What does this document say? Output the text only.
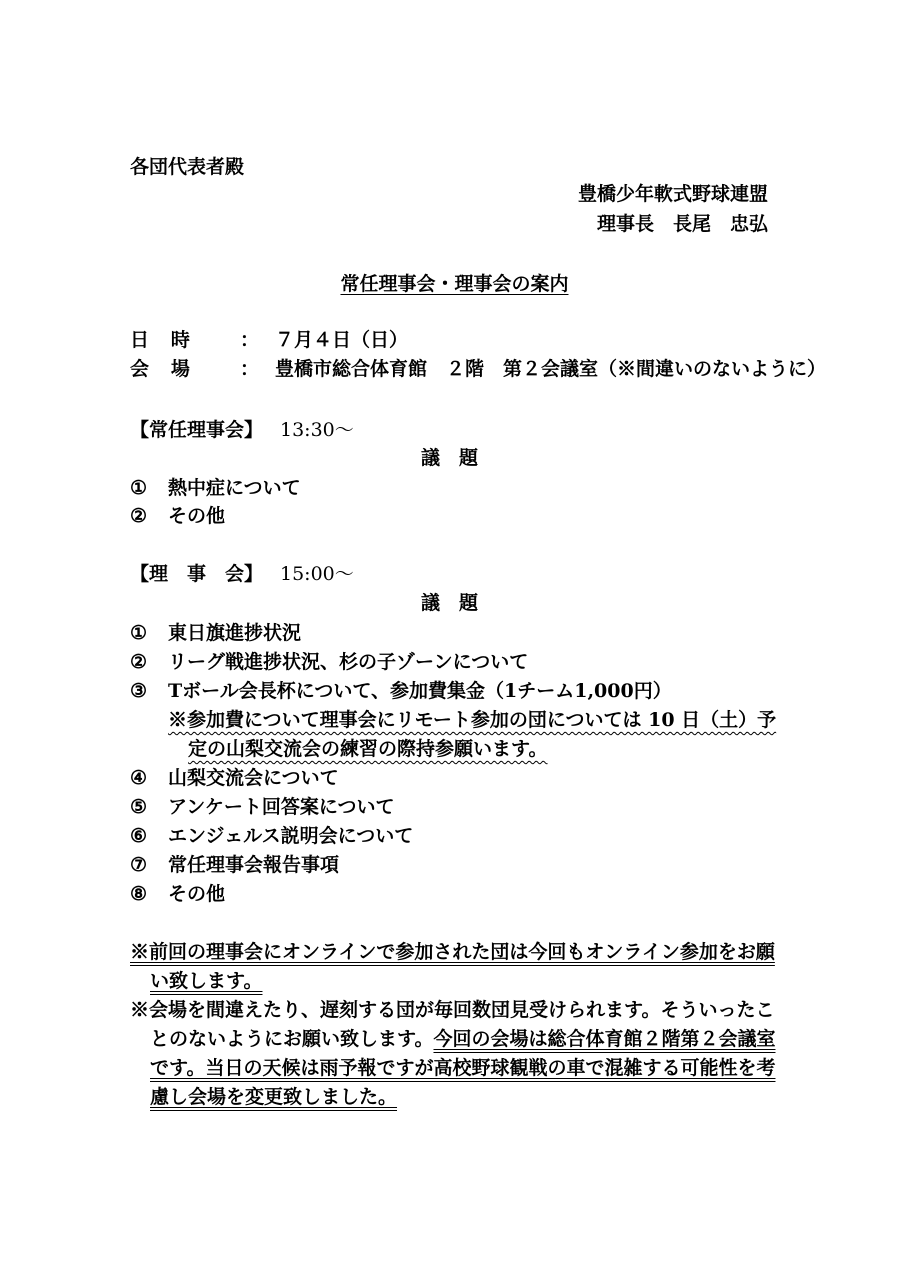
各団代表者殿
豊橋少年軟式野球連盟
理事長　長尾　忠弘
常任理事会・理事会の案内
日 時 ： ７月４日（日）
会 場 ： 豊橋市総合体育館　２階　第２会議室（※間違いのないように）
【常任理事会】 13:30～
議　題
① 熱中症について
② その他
【理　事　会】 15:00～
議　題
① 東日旗進捗状況
② リーグ戦進捗状況、杉の子ゾーンについて
③ Tボール会長杯について、参加費集金（1チーム1,000円）
※参加費について理事会にリモート参加の団については 10 日（土）予
定の山梨交流会の練習の際持参願います。
④ 山梨交流会について
⑤ アンケート回答案について
⑥ エンジェルス説明会について
⑦ 常任理事会報告事項
⑧ その他
※前回の理事会にオンラインで参加された団は今回もオンライン参加をお願
い致します。
※会場を間違えたり、遅刻する団が毎回数団見受けられます。そういったこ
とのないようにお願い致します。今回の会場は総合体育館２階第２会議室
です。当日の天候は雨予報ですが高校野球観戦の車で混雑する可能性を考
慮し会場を変更致しました。
